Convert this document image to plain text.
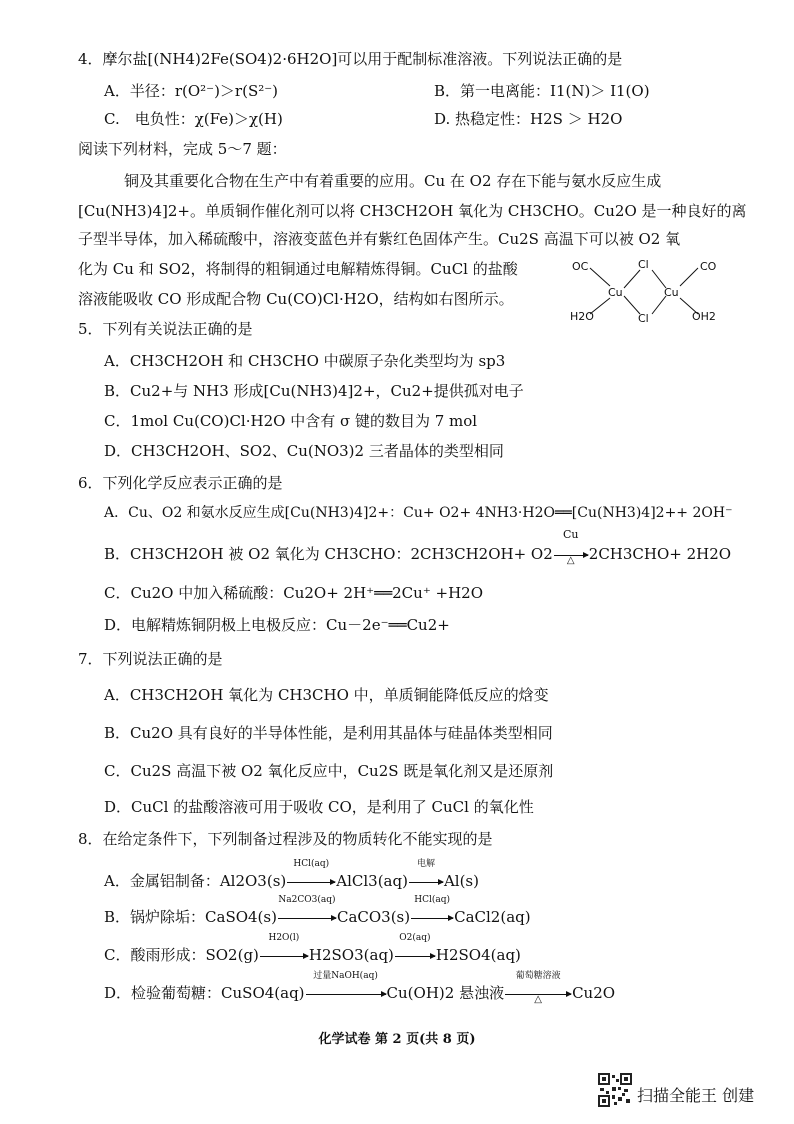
4．摩尔盐[(NH4)2Fe(SO4)2·6H2O]可以用于配制标准溶液。下列说法正确的是
A．半径：r(O²⁻)＞r(S²⁻)	B．第一电离能：I1(N)＞ I1(O)
C.　电负性：χ(Fe)＞χ(H)	D. 热稳定性：H2S ＞ H2O
阅读下列材料，完成 5～7 题：
铜及其重要化合物在生产中有着重要的应用。Cu 在 O2 存在下能与氨水反应生成
[Cu(NH3)4]2+。单质铜作催化剂可以将 CH3CH2OH 氧化为 CH3CHO。Cu2O 是一种良好的离
子型半导体，加入稀硫酸中，溶液变蓝色并有紫红色固体产生。Cu2S 高温下可以被 O2 氧
化为 Cu 和 SO2，将制得的粗铜通过电解精炼得铜。CuCl 的盐酸
溶液能吸收 CO 形成配合物 Cu(CO)Cl·H2O，结构如右图所示。
OC	Cl	CO
Cu	Cu
H2O	Cl	OH2
5．下列有关说法正确的是
A．CH3CH2OH 和 CH3CHO 中碳原子杂化类型均为 sp3
B．Cu2+与 NH3 形成[Cu(NH3)4]2+，Cu2+提供孤对电子
C．1mol Cu(CO)Cl·H2O 中含有 σ 键的数目为 7 mol
D．CH3CH2OH、SO2、Cu(NO3)2 三者晶体的类型相同
6．下列化学反应表示正确的是
A．Cu、O2 和氨水反应生成[Cu(NH3)4]2+：Cu+ O2+ 4NH3·H2O══[Cu(NH3)4]2++ 2OH⁻
B．CH3CH2OH 被 O2 氧化为 CH3CHO：2CH3CH2OH+ O2
Cu
△ 2CH3CHO+ 2H2O
C．Cu2O 中加入稀硫酸：Cu2O+ 2H⁺══2Cu⁺ +H2O
D．电解精炼铜阴极上电极反应：Cu－2e⁻══Cu2+
7．下列说法正确的是
A．CH3CH2OH 氧化为 CH3CHO 中，单质铜能降低反应的焓变
B．Cu2O 具有良好的半导体性能，是利用其晶体与硅晶体类型相同
C．Cu2S 高温下被 O2 氧化反应中，Cu2S 既是氧化剂又是还原剂
D．CuCl 的盐酸溶液可用于吸收 CO，是利用了 CuCl 的氧化性
8．在给定条件下，下列制备过程涉及的物质转化不能实现的是
A．金属铝制备：Al2O3(s)
HCl(aq)
AlCl3(aq)
电解
Al(s)
B．锅炉除垢：CaSO4(s)
Na2CO3(aq)
CaCO3(s)
HCl(aq)
CaCl2(aq)
C．酸雨形成：SO2(g)
H2O(l)
H2SO3(aq)
O2(aq)
H2SO4(aq)
D．检验葡萄糖：CuSO4(aq)
过量NaOH(aq)
Cu(OH)2 悬浊液
葡萄糖溶液
△	Cu2O
化学试卷 第 2 页(共 8 页)
扫描全能王 创建
